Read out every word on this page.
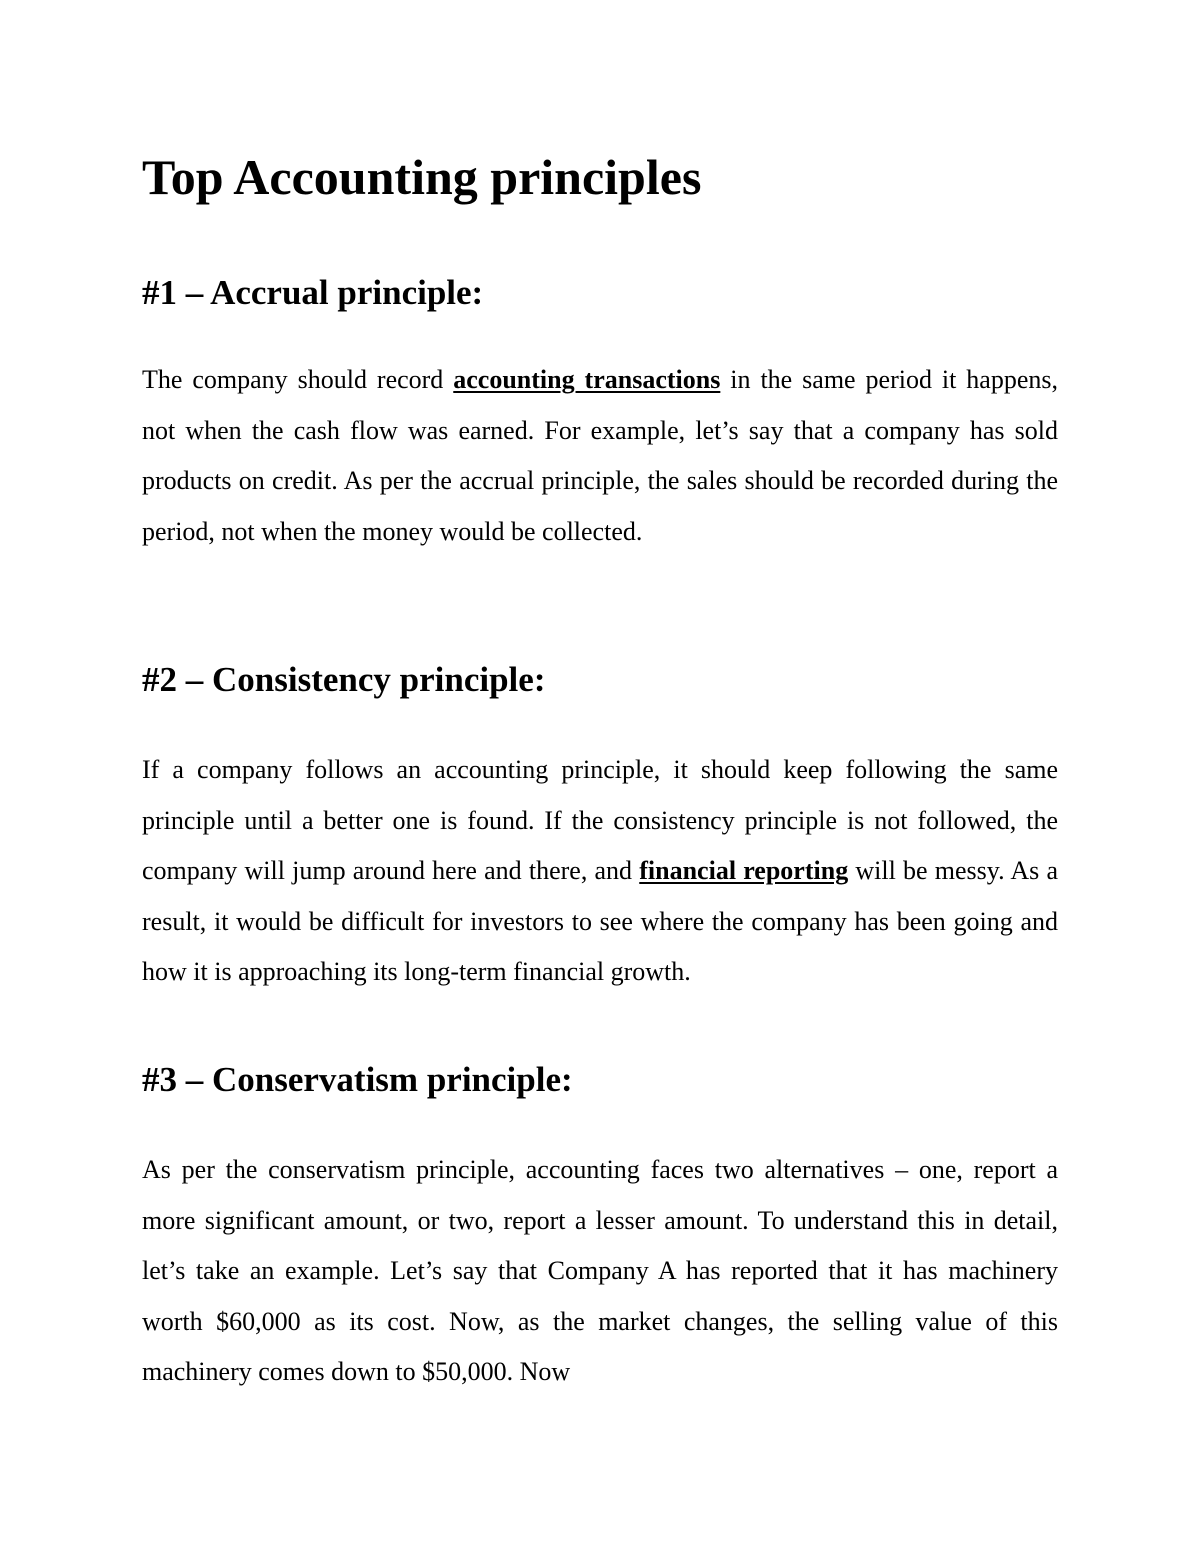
Top Accounting principles
#1 – Accrual principle:

The company should record accounting transactions in the same period it happens, not when the cash flow was earned. For example, let’s say that a company has sold products on credit. As per the accrual principle, the sales should be recorded during the period, not when the money would be collected.

#2 – Consistency principle:

If a company follows an accounting principle, it should keep following the same principle until a better one is found. If the consistency principle is not followed, the company will jump around here and there, and financial reporting will be messy. As a result, it would be difficult for investors to see where the company has been going and how it is approaching its long-term financial growth.

#3 – Conservatism principle:

As per the conservatism principle, accounting faces two alternatives – one, report a more significant amount, or two, report a lesser amount. To understand this in detail, let’s take an example. Let’s say that Company A has reported that it has machinery worth $60,000 as its cost. Now, as the market changes, the selling value of this machinery comes down to $50,000. Now
